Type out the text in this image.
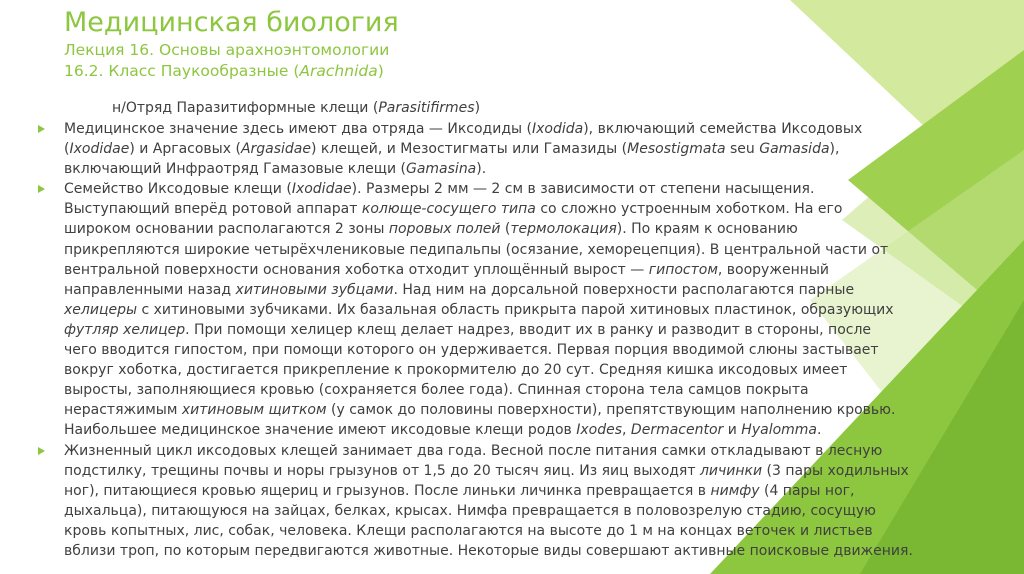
Медицинская биология
Лекция 16. Основы арахноэнтомологии
16.2. Класс Паукообразные (Arachnida)
н/Отряд Паразитиформные клещи (Parasitifirmes)
Медицинское значение здесь имеют два отряда — Иксодиды (Ixodida), включающий семейства Иксодовых
(Ixodidae) и Аргасовых (Argasidae) клещей, и Мезостигматы или Гамазиды (Mesostigmata seu Gamasida),
включающий Инфраотряд Гамазовые клещи (Gamasina).
Семейство Иксодовые клещи (Ixodidae). Размеры 2 мм — 2 см в зависимости от степени насыщения.
Выступающий вперёд ротовой аппарат колюще-сосущего типа со сложно устроенным хоботком. На его
широком основании располагаются 2 зоны поровых полей (термолокация). По краям к основанию
прикрепляются широкие четырёхчлениковые педипальпы (осязание, хеморецепция). В центральной части от
вентральной поверхности основания хоботка отходит уплощённый вырост — гипостом, вооруженный
направленными назад хитиновыми зубцами. Над ним на дорсальной поверхности располагаются парные
хелицеры с хитиновыми зубчиками. Их базальная область прикрыта парой хитиновых пластинок, образующих
футляр хелицер. При помощи хелицер клещ делает надрез, вводит их в ранку и разводит в стороны, после
чего вводится гипостом, при помощи которого он удерживается. Первая порция вводимой слюны застывает
вокруг хоботка, достигается прикрепление к прокормителю до 20 сут. Средняя кишка иксодовых имеет
выросты, заполняющиеся кровью (сохраняется более года). Спинная сторона тела самцов покрыта
нерастяжимым хитиновым щитком (у самок до половины поверхности), препятствующим наполнению кровью.
Наибольшее медицинское значение имеют иксодовые клещи родов Ixodes, Dermacentor и Hyalomma.
Жизненный цикл иксодовых клещей занимает два года. Весной после питания самки откладывают в лесную
подстилку, трещины почвы и норы грызунов от 1,5 до 20 тысяч яиц. Из яиц выходят личинки (3 пары ходильных
ног), питающиеся кровью ящериц и грызунов. После линьки личинка превращается в нимфу (4 пары ног,
дыхальца), питающуюся на зайцах, белках, крысах. Нимфа превращается в половозрелую стадию, сосущую
кровь копытных, лис, собак, человека. Клещи располагаются на высоте до 1 м на концах веточек и листьев
вблизи троп, по которым передвигаются животные. Некоторые виды совершают активные поисковые движения.
